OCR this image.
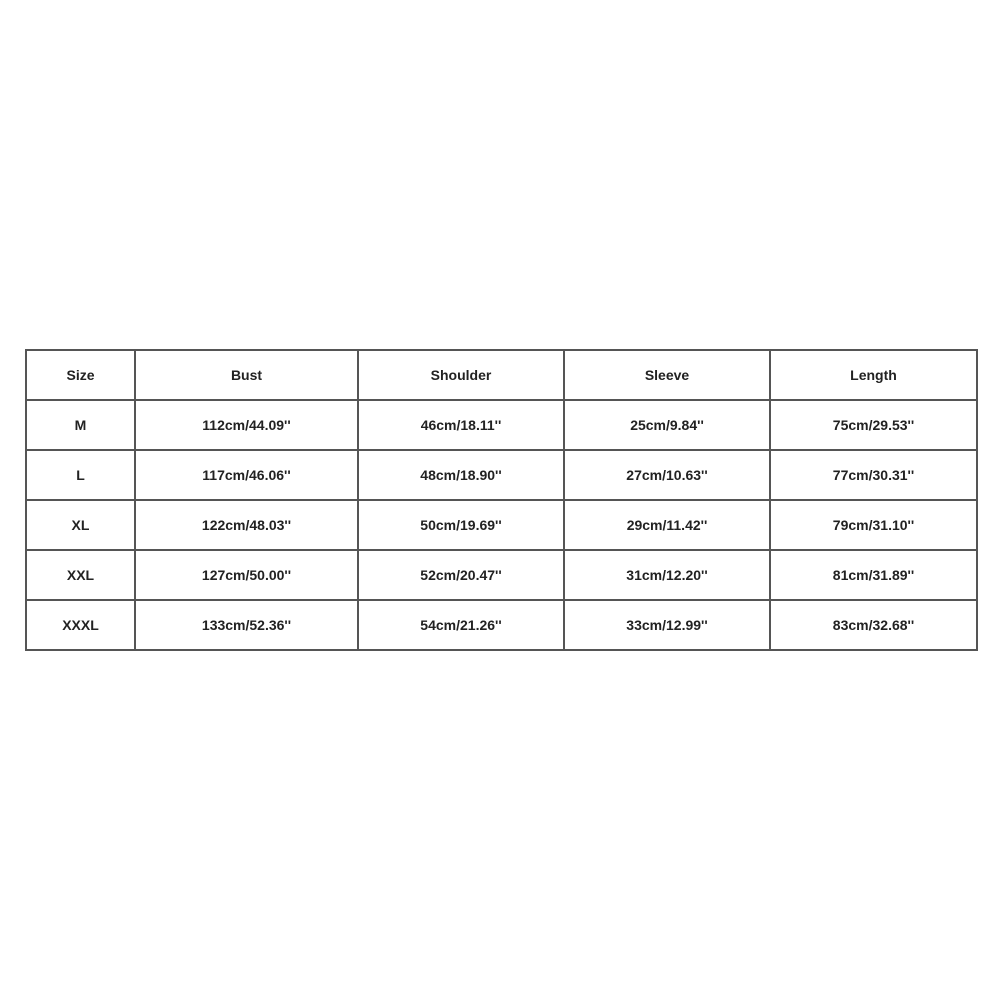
Size	Bust	Shoulder	Sleeve	Length
M	112cm/44.09''	46cm/18.11''	25cm/9.84''	75cm/29.53''
L	117cm/46.06''	48cm/18.90''	27cm/10.63''	77cm/30.31''
XL	122cm/48.03''	50cm/19.69''	29cm/11.42''	79cm/31.10''
XXL	127cm/50.00''	52cm/20.47''	31cm/12.20''	81cm/31.89''
XXXL	133cm/52.36''	54cm/21.26''	33cm/12.99''	83cm/32.68''
